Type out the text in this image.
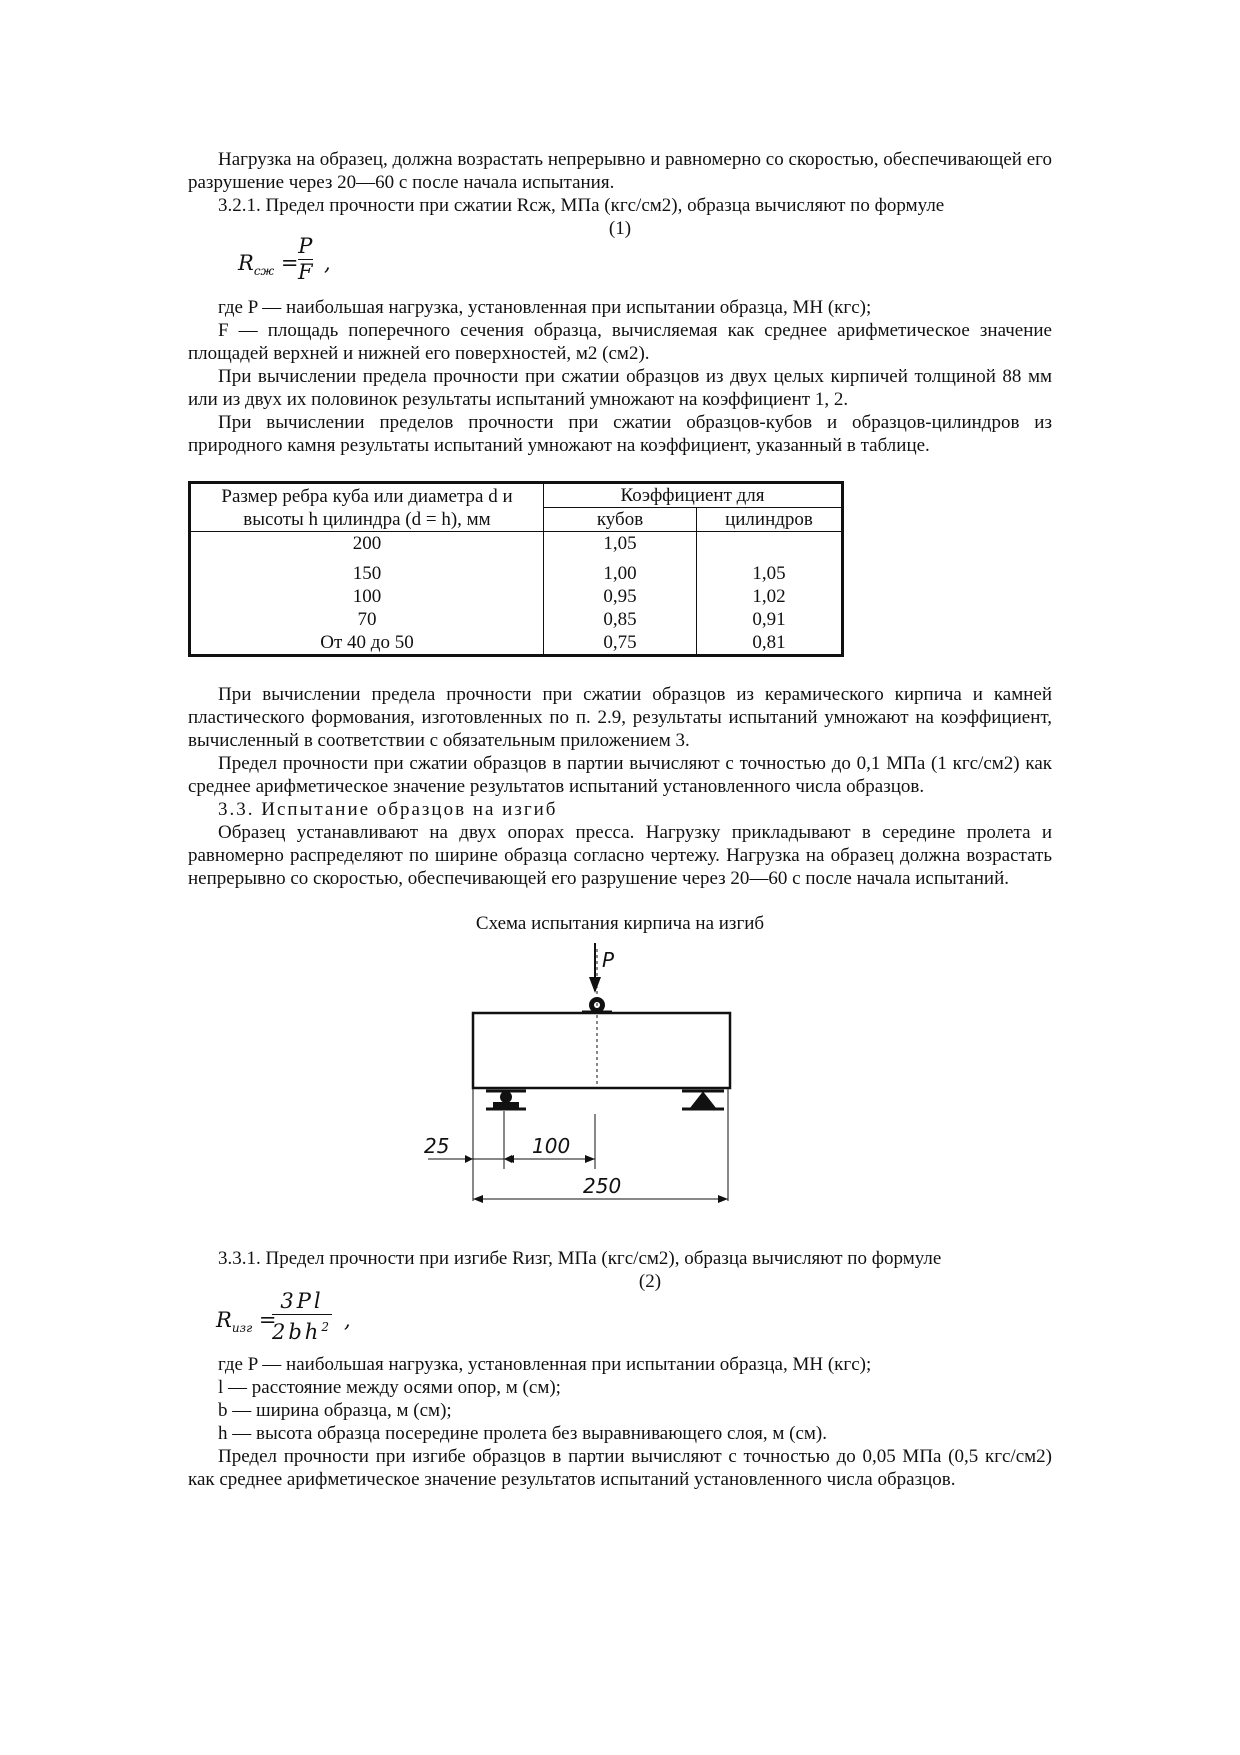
Нагрузка на образец, должна возрастать непрерывно и равномерно со скоростью, обеспечивающей его разрушение через 20—60 с после начала испытания.

3.2.1. Предел прочности при сжатии Rсж, МПа (кгс/см2), образца вычисляют по формуле

(1)
$R_{сж}$ =
P
F ,

где P — наибольшая нагрузка, установленная при испытании образца, МН (кгс);

F — площадь поперечного сечения образца, вычисляемая как среднее арифметическое значение площадей верхней и нижней его поверхностей, м2 (см2).

При вычислении предела прочности при сжатии образцов из двух целых кирпичей толщиной 88 мм или из двух их половинок результаты испытаний умножают на коэффициент 1, 2.

При вычислении пределов прочности при сжатии образцов-кубов и образцов-цилиндров из природного камня результаты испытаний умножают на коэффициент, указанный в таблице.

Размер ребра куба или диаметра d и высоты h цилиндра (d = h), мм	Коэффициент для	
	кубов	цилиндров
200	1,05	
150	1,00	1,05
100	0,95	1,02
70	0,85	0,91
От 40 до 50	0,75	0,81

При вычислении предела прочности при сжатии образцов из керамического кирпича и камней пластического формования, изготовленных по п. 2.9, результаты испытаний умножают на коэффициент, вычисленный в соответствии с обязательным приложением 3.

Предел прочности при сжатии образцов в партии вычисляют с точностью до 0,1 МПа (1 кгс/см2) как среднее арифметическое значение результатов испытаний установленного числа образцов.

3.3. Испытание образцов на изгиб

Образец устанавливают на двух опорах пресса. Нагрузку прикладывают в середине пролета и равномерно распределяют по ширине образца согласно чертежу. Нагрузка на образец должна возрастать непрерывно со скоростью, обеспечивающей его разрушение через 20—60 с после начала испытаний.

Схема испытания кирпича на изгиб
P
25	100
250

3.3.1. Предел прочности при изгибе Rизг, МПа (кгс/см2), образца вычисляют по формуле

(2)
$R_{изг}$ =
3Pl
$2bh^2$ ,

где P — наибольшая нагрузка, установленная при испытании образца, МН (кгс);

l — расстояние между осями опор, м (см);

b — ширина образца, м (см);

h — высота образца посередине пролета без выравнивающего слоя, м (см).

Предел прочности при изгибе образцов в партии вычисляют с точностью до 0,05 МПа (0,5 кгс/см2) как среднее арифметическое значение результатов испытаний установленного числа образцов.
